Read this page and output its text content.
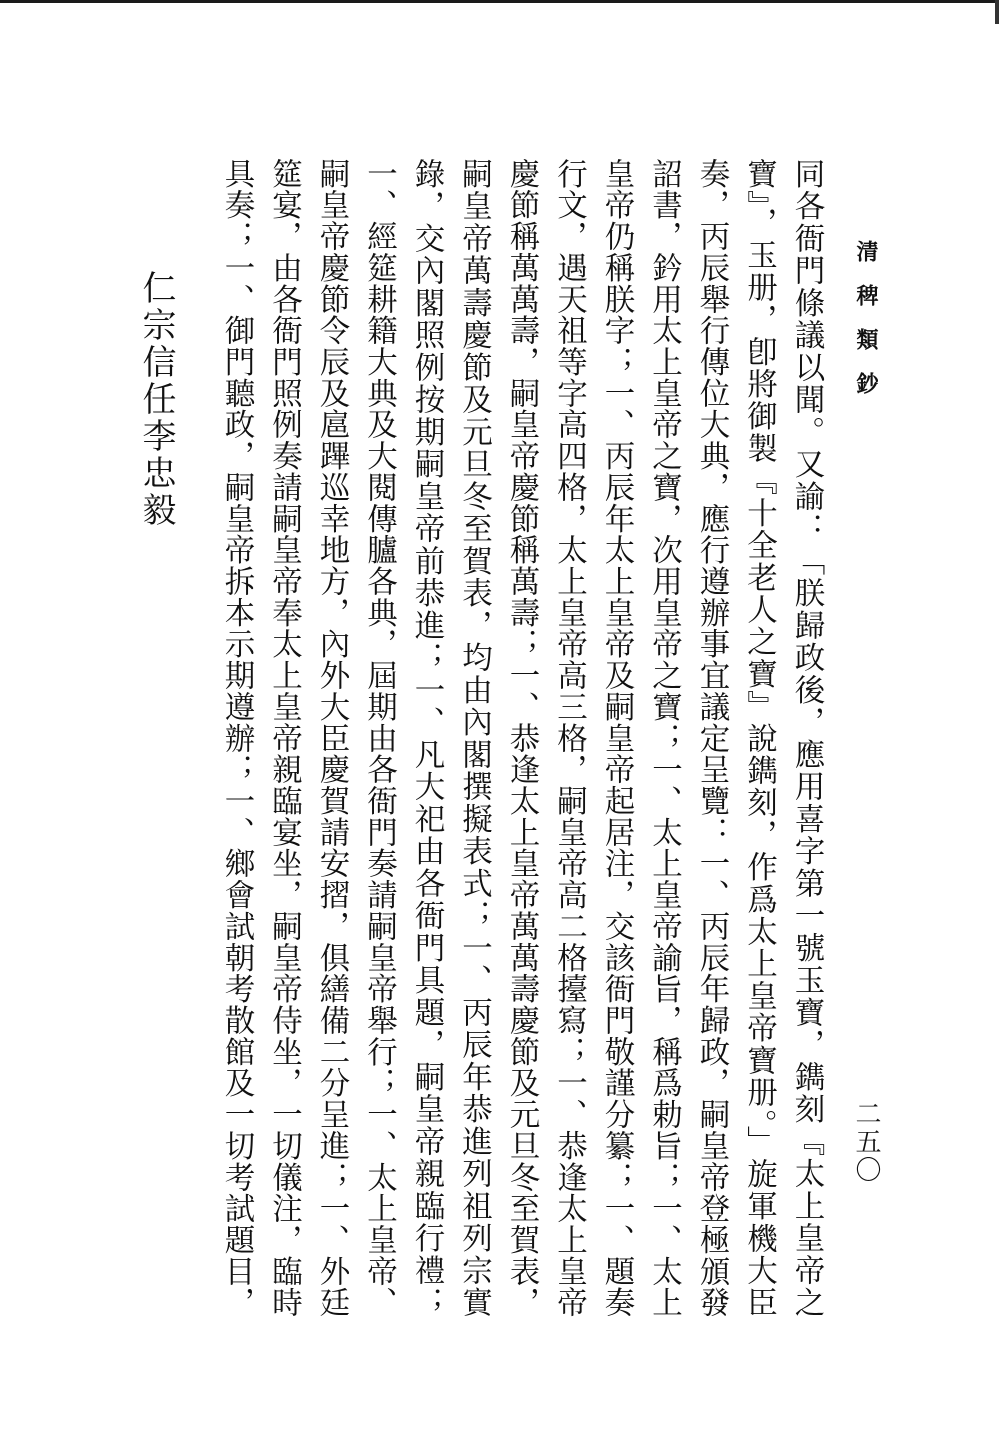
清稗類鈔
二五〇

同各衙門條議以聞。又諭：「朕歸政後，應用喜字第一號玉寶，鐫刻『太上皇帝之寶』，玉册，卽將御製『十全老人之寶』說鐫刻，作爲太上皇帝寶册。」旋軍機大臣奏，丙辰舉行傳位大典，應行遵辦事宜議定呈覽：一、丙辰年歸政，嗣皇帝登極頒發詔書，鈐用太上皇帝之寶，次用皇帝之寶；一、太上皇帝諭旨，稱爲勅旨；一、太上皇帝仍稱朕字；一、丙辰年太上皇帝及嗣皇帝起居注，交該衙門敬謹分纂；一、題奏行文，遇天祖等字高四格，太上皇帝高三格，嗣皇帝高二格擡寫；一、恭逢太上皇帝慶節稱萬萬壽，嗣皇帝慶節稱萬壽；一、恭逢太上皇帝萬萬壽慶節及元旦冬至賀表，嗣皇帝萬壽慶節及元旦冬至賀表，均由內閣撰擬表式；一、丙辰年恭進列祖列宗實錄，交內閣照例按期嗣皇帝前恭進；一、凡大祀由各衙門具題，嗣皇帝親臨行禮；一、經筵耕籍大典及大閱傳臚各典，屆期由各衙門奏請嗣皇帝舉行；一、太上皇帝、嗣皇帝慶節令辰及扈蹕巡幸地方，內外大臣慶賀請安摺，俱繕備二分呈進；一、外廷筵宴，由各衙門照例奏請嗣皇帝奉太上皇帝親臨宴坐，嗣皇帝侍坐，一切儀注，臨時具奏；一、御門聽政，嗣皇帝拆本示期遵辦；一、鄉會試朝考散館及一切考試題目，

仁宗信任李忠毅
